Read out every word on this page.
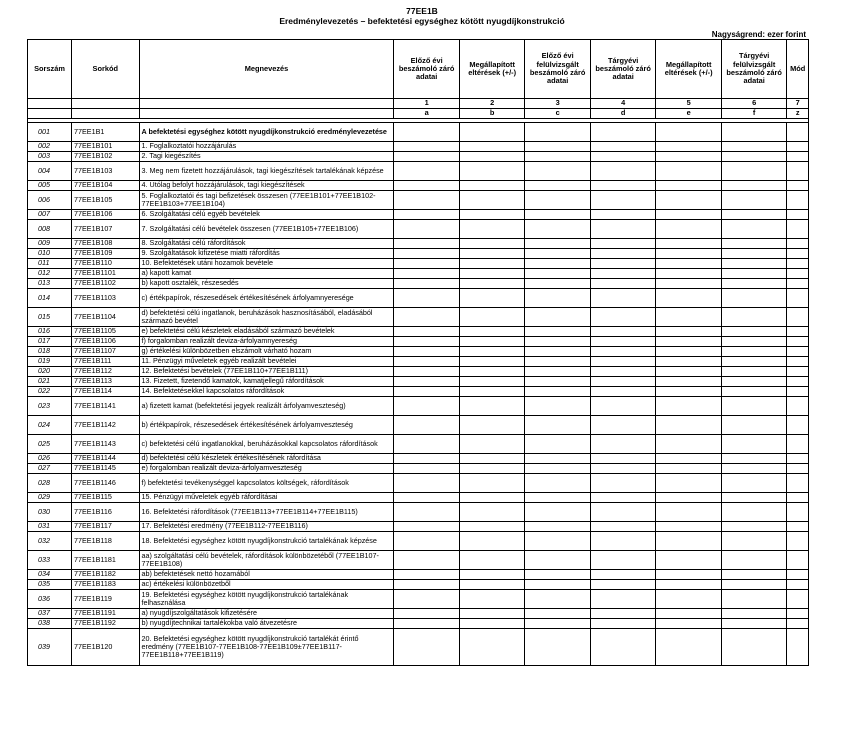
77EE1B
Eredménylevezetés – befektetési egységhez kötött nyugdíjkonstrukció
Nagyságrend: ezer forint
Sorszám	Sorkód	Megnevezés	Előző évi beszámoló záró adatai	Megállapított eltérések (+/-)	Előző évi felülvizsgált beszámoló záró adatai	Tárgyévi beszámoló záró adatai	Megállapított eltérések (+/-)	Tárgyévi felülvizsgált beszámoló záró adatai	Mód
			1	2	3	4	5	6	7
			a	b	c	d	e	f	z

001	77EE1B1	A befektetési egységhez kötött nyugdíjkonstrukció eredménylevezetése							
002	77EE1B101	1. Foglalkoztatói hozzájárulás							
003	77EE1B102	2. Tagi kiegészítés							
004	77EE1B103	3. Meg nem fizetett hozzájárulások, tagi kiegészítések tartalékának képzése							
005	77EE1B104	4. Utólag befolyt hozzájárulások, tagi kiegészítések							
006	77EE1B105	5. Foglalkoztatói és tagi befizetések összesen (77EE1B101+77EE1B102-77EE1B103+77EE1B104)							
007	77EE1B106	6. Szolgáltatási célú egyéb bevételek							
008	77EE1B107	7. Szolgáltatási célú bevételek összesen (77EE1B105+77EE1B106)							
009	77EE1B108	8. Szolgáltatási célú ráfordítások							
010	77EE1B109	9. Szolgáltatások kifizetése miatti ráfordítás							
011	77EE1B110	10. Befektetések utáni hozamok bevétele							
012	77EE1B1101	a) kapott kamat							
013	77EE1B1102	b) kapott osztalék, részesedés							
014	77EE1B1103	c) értékpapírok, részesedések értékesítésének árfolyamnyeresége							
015	77EE1B1104	d) befektetési célú ingatlanok, beruházások hasznosításából, eladásából származó bevétel							
016	77EE1B1105	e) befektetési célú készletek eladásából származó bevételek							
017	77EE1B1106	f) forgalomban realizált deviza-árfolyamnyereség							
018	77EE1B1107	g) értékelési különbözetben elszámolt várható hozam							
019	77EE1B111	11. Pénzügyi műveletek egyéb realizált bevételei							
020	77EE1B112	12. Befektetési bevételek (77EE1B110+77EE1B111)							
021	77EE1B113	13. Fizetett, fizetendő kamatok, kamatjellegű ráfordítások							
022	77EE1B114	14. Befektetésekkel kapcsolatos ráfordítások							
023	77EE1B1141	a) fizetett kamat (befektetési jegyek realizált árfolyamveszteség)							
024	77EE1B1142	b) értékpapírok, részesedések értékesítésének árfolyamveszteség							
025	77EE1B1143	c) befektetési célú ingatlanokkal, beruházásokkal kapcsolatos ráfordítások							
026	77EE1B1144	d) befektetési célú készletek értékesítésének ráfordítása							
027	77EE1B1145	e) forgalomban realizált deviza-árfolyamveszteség							
028	77EE1B1146	f) befektetési tevékenységgel kapcsolatos költségek, ráfordítások							
029	77EE1B115	15. Pénzügyi műveletek egyéb ráfordításai							
030	77EE1B116	16. Befektetési ráfordítások (77EE1B113+77EE1B114+77EE1B115)							
031	77EE1B117	17. Befektetési eredmény (77EE1B112-77EE1B116)							
032	77EE1B118	18. Befektetési egységhez kötött nyugdíjkonstrukció tartalékának képzése							
033	77EE1B1181	aa) szolgáltatási célú bevételek, ráfordítások különbözetéből (77EE1B107-77EE1B108)							
034	77EE1B1182	ab) befektetések nettó hozamából							
035	77EE1B1183	ac) értékelési különbözetből							
036	77EE1B119	19. Befektetési egységhez kötött nyugdíjkonstrukció tartalékának felhasználása							
037	77EE1B1191	a) nyugdíjszolgáltatások kifizetésére							
038	77EE1B1192	b) nyugdíjtechnikai tartalékokba való átvezetésre							
039	77EE1B120	20. Befektetési egységhez kötött nyugdíjkonstrukció tartalékát érintő eredmény (77EE1B107-77EE1B108-77EE1B109±77EE1B117-77EE1B118+77EE1B119)							
